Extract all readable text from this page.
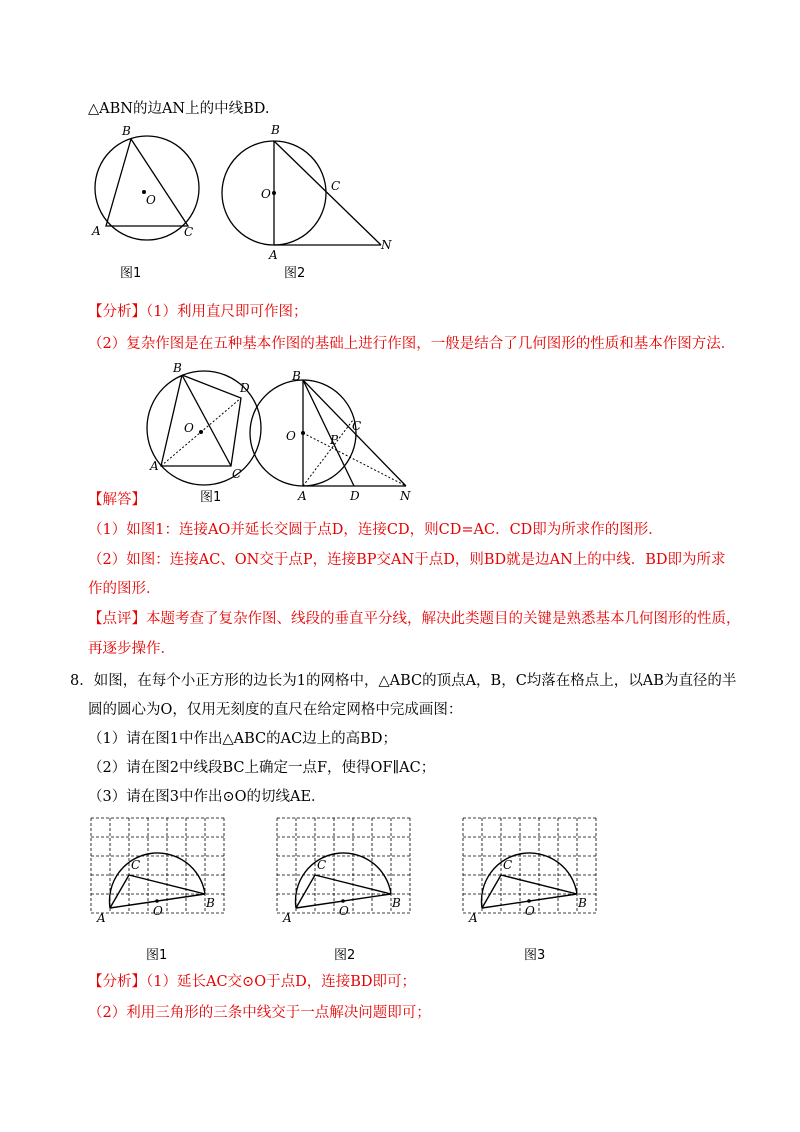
△ABN的边AN上的中线BD.
B
A	C
O
B
O
C
A
N
图1	图2
【分析】（1）利用直尺即可作图；
（2）复杂作图是在五种基本作图的基础上进行作图，一般是结合了几何图形的性质和基本作图方法．
B
D
O
A
C
B
O
C
P
A	D	N
【解答】	图1
（1）如图1：连接AO并延长交圆于点D，连接CD，则CD=AC．CD即为所求作的图形．
（2）如图：连接AC、ON交于点P，连接BP交AN于点D，则BD就是边AN上的中线．BD即为所求
作的图形．
【点评】本题考查了复杂作图、线段的垂直平分线，解决此类题目的关键是熟悉基本几何图形的性质，
再逐步操作．
8．如图，在每个小正方形的边长为1的网格中，△ABC的顶点A，B，C均落在格点上，以AB为直径的半
圆的圆心为O，仅用无刻度的直尺在给定网格中完成画图：
（1）请在图1中作出△ABC的AC边上的高BD；
（2）请在图2中线段BC上确定一点F，使得OF∥AC；
（3）请在图3中作出⊙O的切线AE．
A
C
B
O	A
C
B
O	A
C
B
O
图1	图2	图3
【分析】（1）延长AC交⊙O于点D，连接BD即可；
（2）利用三角形的三条中线交于一点解决问题即可；
